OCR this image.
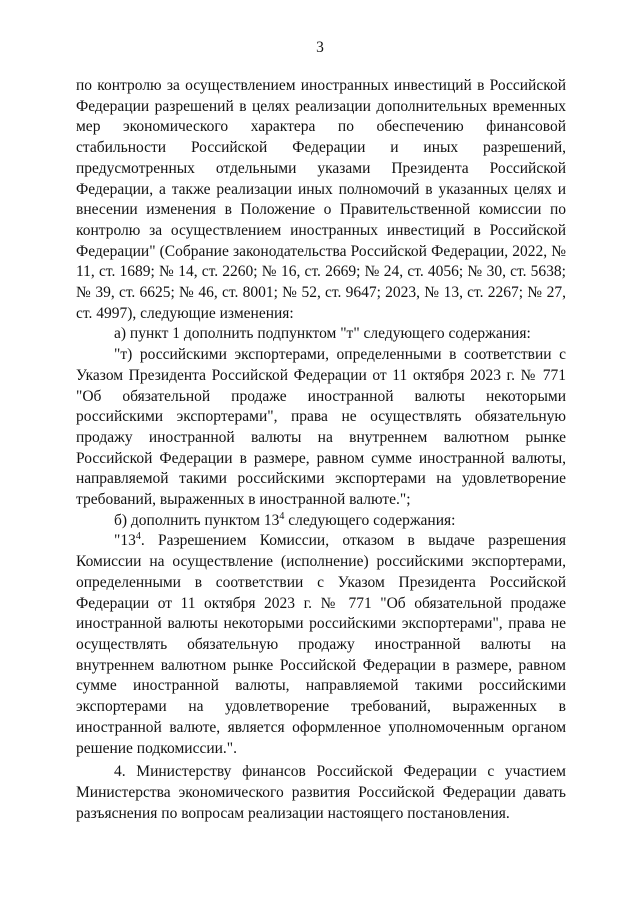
3

по контролю за осуществлением иностранных инвестиций в Российской Федерации разрешений в целях реализации дополнительных временных мер экономического характера по обеспечению финансовой стабильности Российской Федерации и иных разрешений, предусмотренных отдельными указами Президента Российской Федерации, а также реализации иных полномочий в указанных целях и внесении изменения в Положение о Правительственной комиссии по контролю за осуществлением иностранных инвестиций в Российской Федерации" (Собрание законодательства Российской Федерации, 2022, № 11, ст. 1689; № 14, ст. 2260; № 16, ст. 2669; № 24, ст. 4056; № 30, ст. 5638; № 39, ст. 6625; № 46, ст. 8001; № 52, ст. 9647; 2023, № 13, ст. 2267; № 27, ст. 4997), следующие изменения:

а) пункт 1 дополнить подпунктом "т" следующего содержания:

"т) российскими экспортерами, определенными в соответствии с Указом Президента Российской Федерации от 11 октября 2023 г. № 771 "Об обязательной продаже иностранной валюты некоторыми российскими экспортерами", права не осуществлять обязательную продажу иностранной валюты на внутреннем валютном рынке Российской Федерации в размере, равном сумме иностранной валюты, направляемой такими российскими экспортерами на удовлетворение требований, выраженных в иностранной валюте.";

б) дополнить пунктом $13^4$ следующего содержания:

"$13^4$. Разрешением Комиссии, отказом в выдаче разрешения Комиссии на осуществление (исполнение) российскими экспортерами, определенными в соответствии с Указом Президента Российской Федерации от 11 октября 2023 г. № 771 "Об обязательной продаже иностранной валюты некоторыми российскими экспортерами", права не осуществлять обязательную продажу иностранной валюты на внутреннем валютном рынке Российской Федерации в размере, равном сумме иностранной валюты, направляемой такими российскими экспортерами на удовлетворение требований, выраженных в иностранной валюте, является оформленное уполномоченным органом решение подкомиссии.".

4. Министерству финансов Российской Федерации с участием Министерства экономического развития Российской Федерации давать разъяснения по вопросам реализации настоящего постановления.
